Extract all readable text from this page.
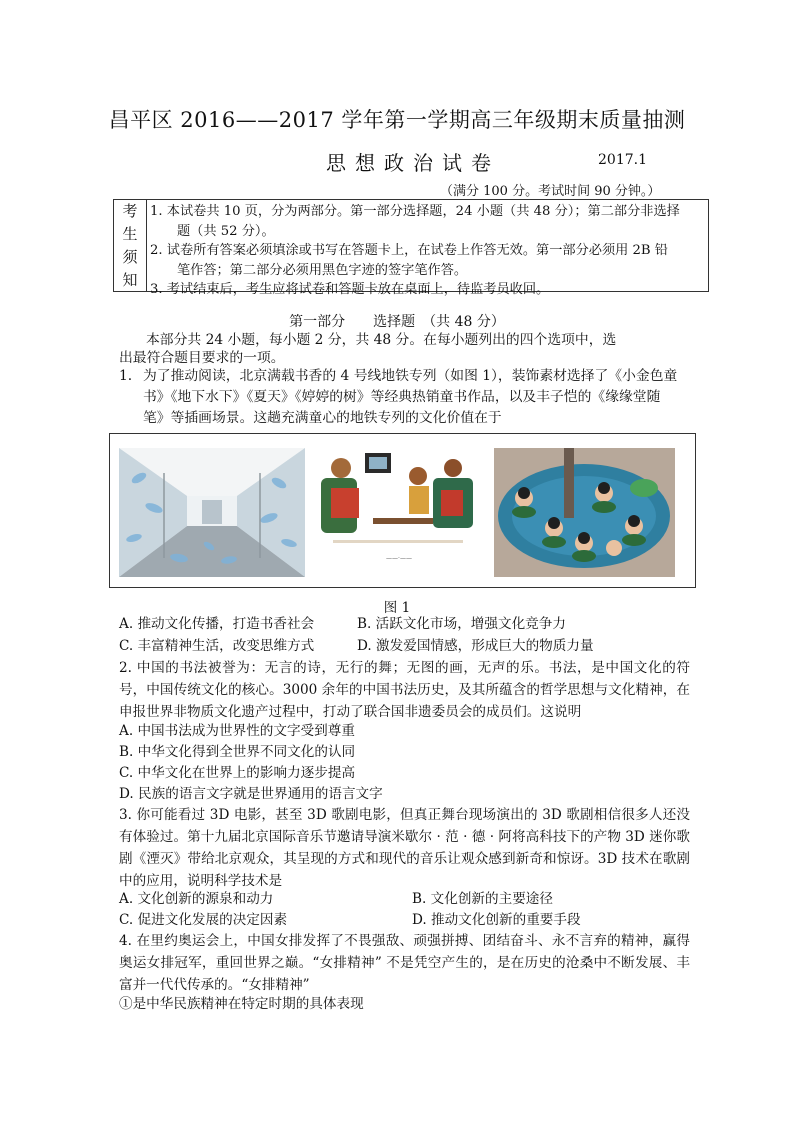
昌平区 2016——2017 学年第一学期高三年级期末质量抽测
思想政治试卷	2017.1
（满分 100 分。考试时间 90 分钟。）
考生须知
1. 本试卷共 10 页，分为两部分。第一部分选择题，24 小题（共 48 分）；第二部分非选择
题（共 52 分）。
2. 试卷所有答案必须填涂或书写在答题卡上，在试卷上作答无效。第一部分必须用 2B 铅
笔作答；第二部分必须用黑色字迹的签字笔作答。
3. 考试结束后，考生应将试卷和答题卡放在桌面上，待监考员收回。
第一部分　　选择题　（共 48 分）
本部分共 24 小题，每小题 2 分，共 48 分。在每小题列出的四个选项中，选
出最符合题目要求的一项。
1. 为了推动阅读，北京满载书香的 4 号线地铁专列（如图 1），装饰素材选择了《小金色童
书》《地下水下》《夏天》《婷婷的树》等经典热销童书作品，以及丰子恺的《缘缘堂随
笔》等插画场景。这趟充满童心的地铁专列的文化价值在于
——·——
图 1
A. 推动文化传播，打造书香社会	B. 活跃文化市场，增强文化竞争力
C. 丰富精神生活，改变思维方式	D. 激发爱国情感，形成巨大的物质力量
2. 中国的书法被誉为：无言的诗，无行的舞；无图的画，无声的乐。书法，是中国文化的符号，中国传统文化的核心。3000 余年的中国书法历史，及其所蕴含的哲学思想与文化精神，在申报世界非物质文化遗产过程中，打动了联合国非遗委员会的成员们。这说明
A. 中国书法成为世界性的文字受到尊重
B. 中华文化得到全世界不同文化的认同
C. 中华文化在世界上的影响力逐步提高
D. 民族的语言文字就是世界通用的语言文字
3. 你可能看过 3D 电影，甚至 3D 歌剧电影，但真正舞台现场演出的 3D 歌剧相信很多人还没有体验过。第十九届北京国际音乐节邀请导演米歇尔 · 范 · 德 · 阿将高科技下的产物 3D 迷你歌剧《湮灭》带给北京观众，其呈现的方式和现代的音乐让观众感到新奇和惊讶。3D 技术在歌剧中的应用，说明科学技术是
A. 文化创新的源泉和动力	B. 文化创新的主要途径
C. 促进文化发展的决定因素	D. 推动文化创新的重要手段
4. 在里约奥运会上，中国女排发挥了不畏强敌、顽强拼搏、团结奋斗、永不言弃的精神，赢得奥运女排冠军，重回世界之巅。“女排精神” 不是凭空产生的，是在历史的沧桑中不断发展、丰富并一代代传承的。“女排精神”
①是中华民族精神在特定时期的具体表现
